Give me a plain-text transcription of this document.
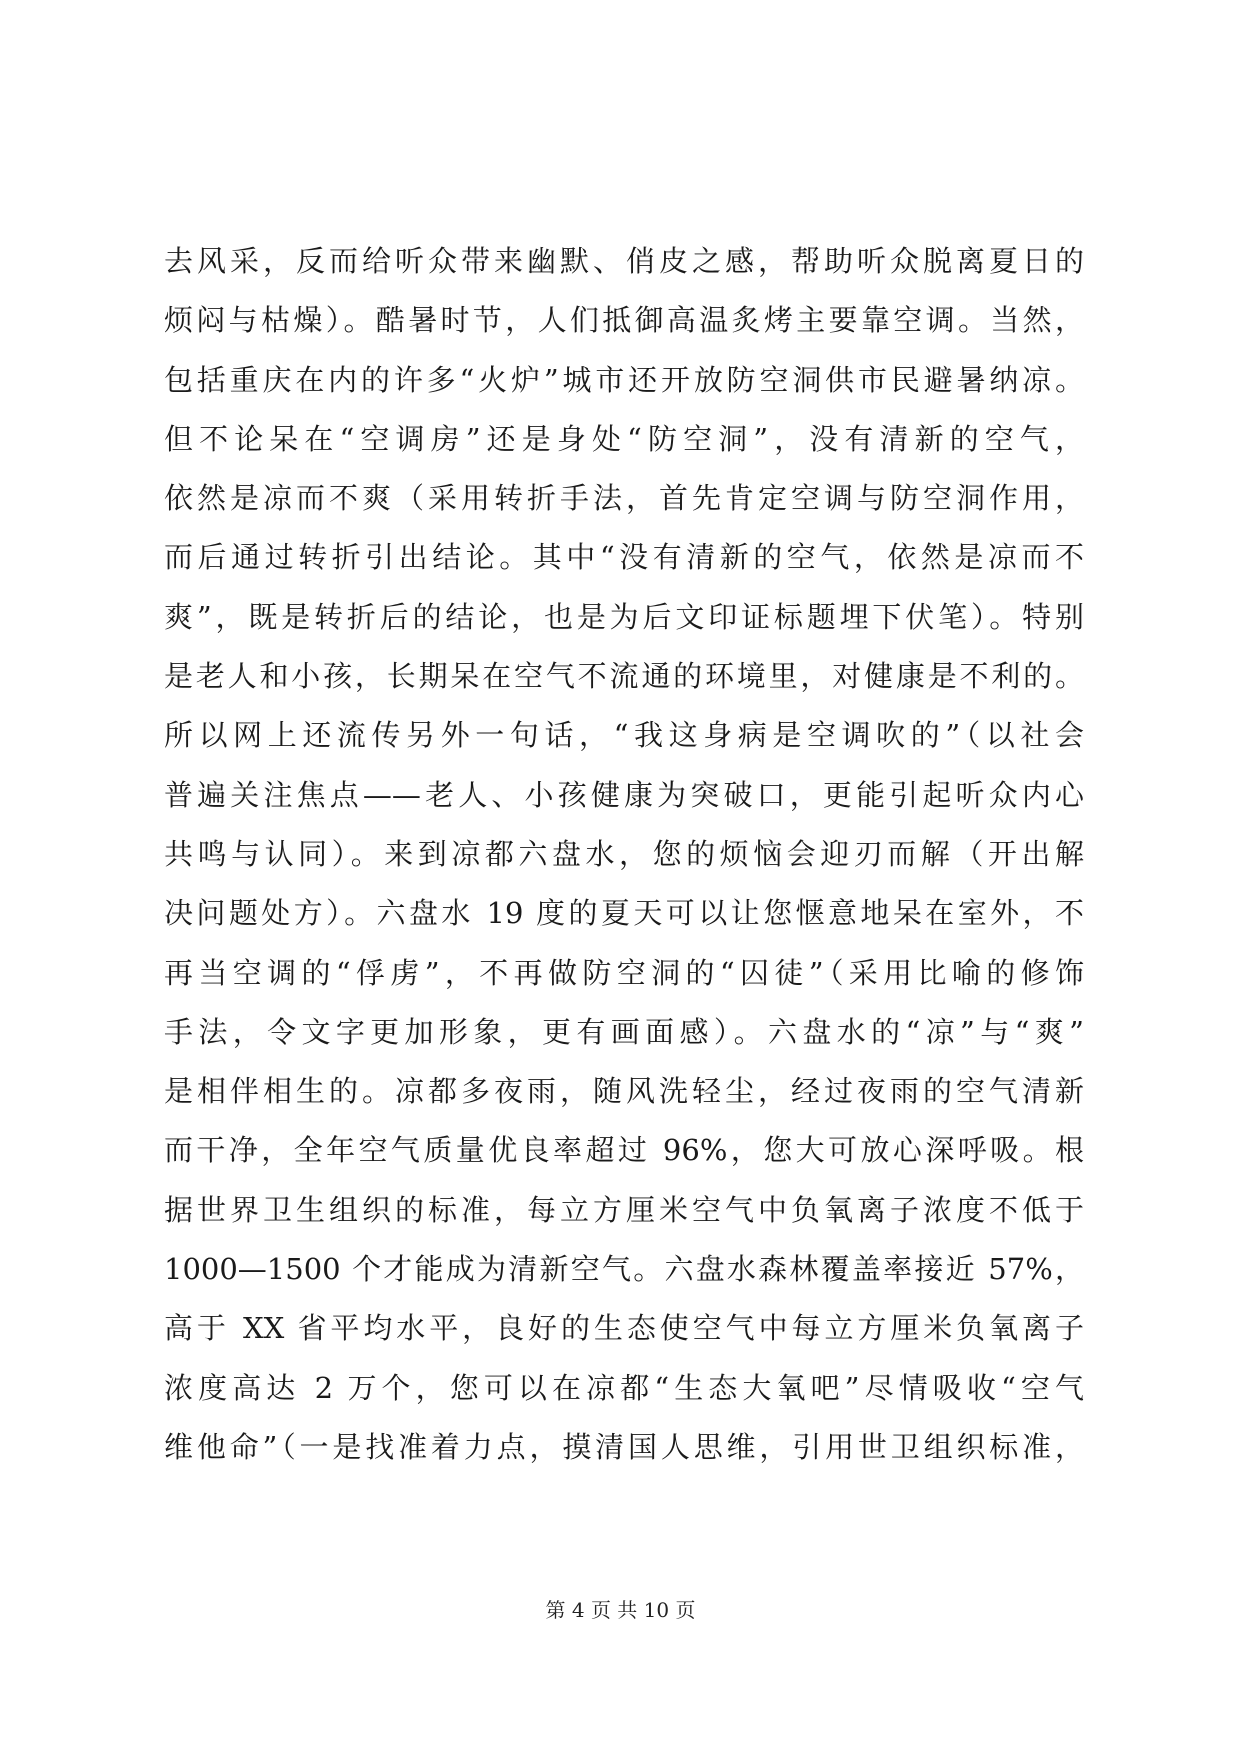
去风采，反而给听众带来幽默、俏皮之感，帮助听众脱离夏日的
烦闷与枯燥）。酷暑时节，人们抵御高温炙烤主要靠空调。当然，
包括重庆在内的许多“火炉”城市还开放防空洞供市民避暑纳凉。
但不论呆在“空调房”还是身处“防空洞”，没有清新的空气，
依然是凉而不爽（采用转折手法，首先肯定空调与防空洞作用，
而后通过转折引出结论。其中“没有清新的空气，依然是凉而不
爽”，既是转折后的结论，也是为后文印证标题埋下伏笔）。特别
是老人和小孩，长期呆在空气不流通的环境里，对健康是不利的。
所以网上还流传另外一句话，“我这身病是空调吹的”（以社会
普遍关注焦点——老人、小孩健康为突破口，更能引起听众内心
共鸣与认同）。来到凉都六盘水，您的烦恼会迎刃而解（开出解
决问题处方）。六盘水 19 度的夏天可以让您惬意地呆在室外，不
再当空调的“俘虏”，不再做防空洞的“囚徒”（采用比喻的修饰
手法，令文字更加形象，更有画面感）。六盘水的“凉”与“爽”
是相伴相生的。凉都多夜雨，随风洗轻尘，经过夜雨的空气清新
而干净，全年空气质量优良率超过 96%，您大可放心深呼吸。根
据世界卫生组织的标准，每立方厘米空气中负氧离子浓度不低于
1000—1500 个才能成为清新空气。六盘水森林覆盖率接近 57%，
高于 XX 省平均水平，良好的生态使空气中每立方厘米负氧离子
浓度高达 2 万个，您可以在凉都“生态大氧吧”尽情吸收“空气
维他命”（一是找准着力点，摸清国人思维，引用世卫组织标准，
第 4 页 共 10 页
